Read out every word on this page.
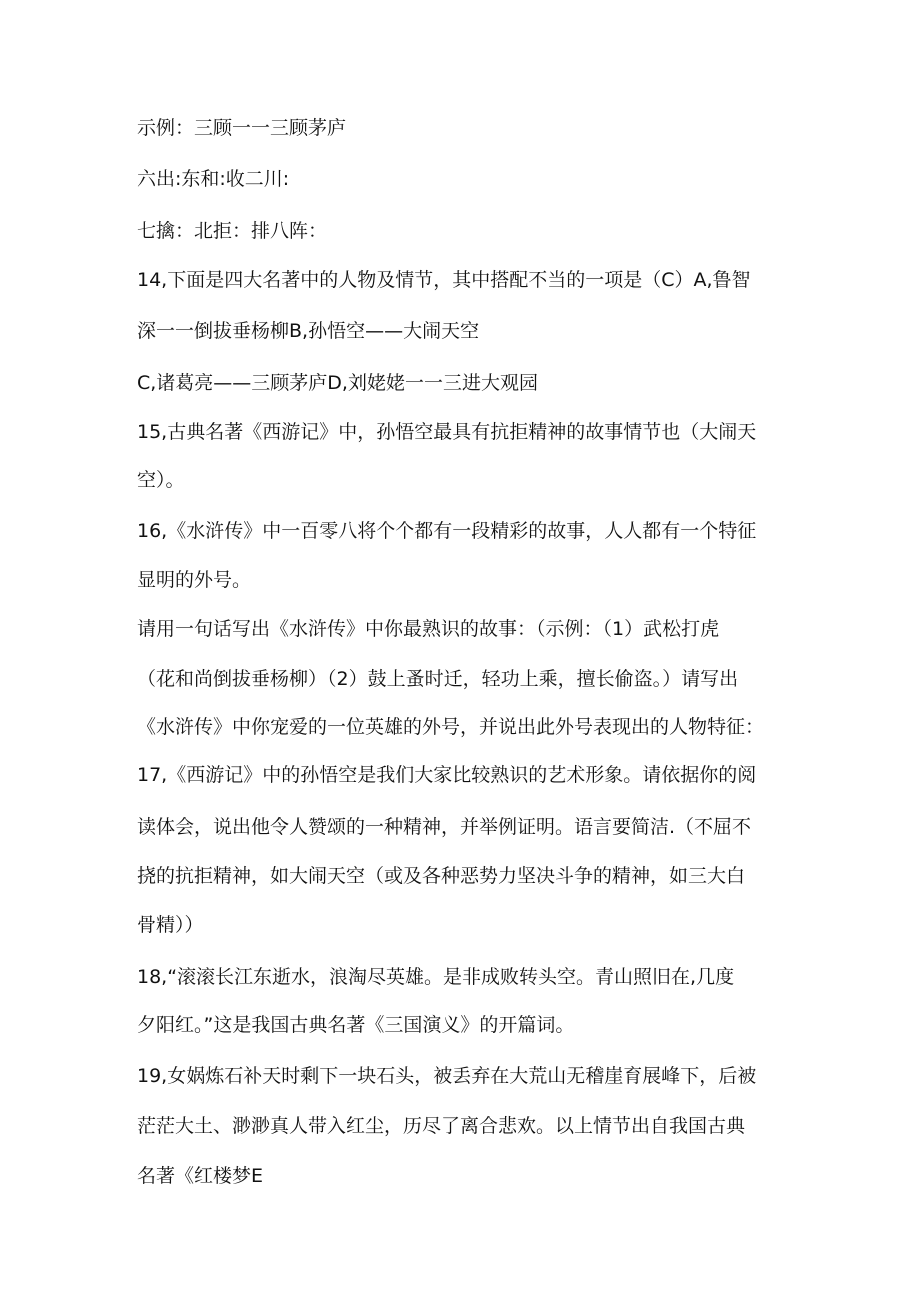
示例：三顾一一三顾茅庐
六出:东和:收二川:
七擒：北拒：排八阵：
14,下面是四大名著中的人物及情节，其中搭配不当的一项是（C）A,鲁智
深一一倒拔垂杨柳B,孙悟空——大闹天空
C,诸葛亮——三顾茅庐D,刘姥姥一一三进大观园
15,古典名著《西游记》中，孙悟空最具有抗拒精神的故事情节也（大闹天
空）。
16,《水浒传》中一百零八将个个都有一段精彩的故事，人人都有一个特征
显明的外号。
请用一句话写出《水浒传》中你最熟识的故事：（示例：（1）武松打虎
（花和尚倒拔垂杨柳）（2）鼓上蚤时迁，轻功上乘，擅长偷盗。）请写出
《水浒传》中你宠爱的一位英雄的外号，并说出此外号表现出的人物特征：
17,《西游记》中的孙悟空是我们大家比较熟识的艺术形象。请依据你的阅
读体会，说出他令人赞颂的一种精神，并举例证明。语言要简洁.（不屈不
挠的抗拒精神，如大闹天空（或及各种恶势力坚决斗争的精神，如三大白
骨精））
18,“滚滚长江东逝水，浪淘尽英雄。是非成败转头空。青山照旧在,几度
夕阳红。”这是我国古典名著《三国演义》的开篇词。
19,女娲炼石补天时剩下一块石头，被丢弃在大荒山无稽崖育展峰下，后被
茫茫大土、渺渺真人带入红尘，历尽了离合悲欢。以上情节出自我国古典
名著《红楼梦E
